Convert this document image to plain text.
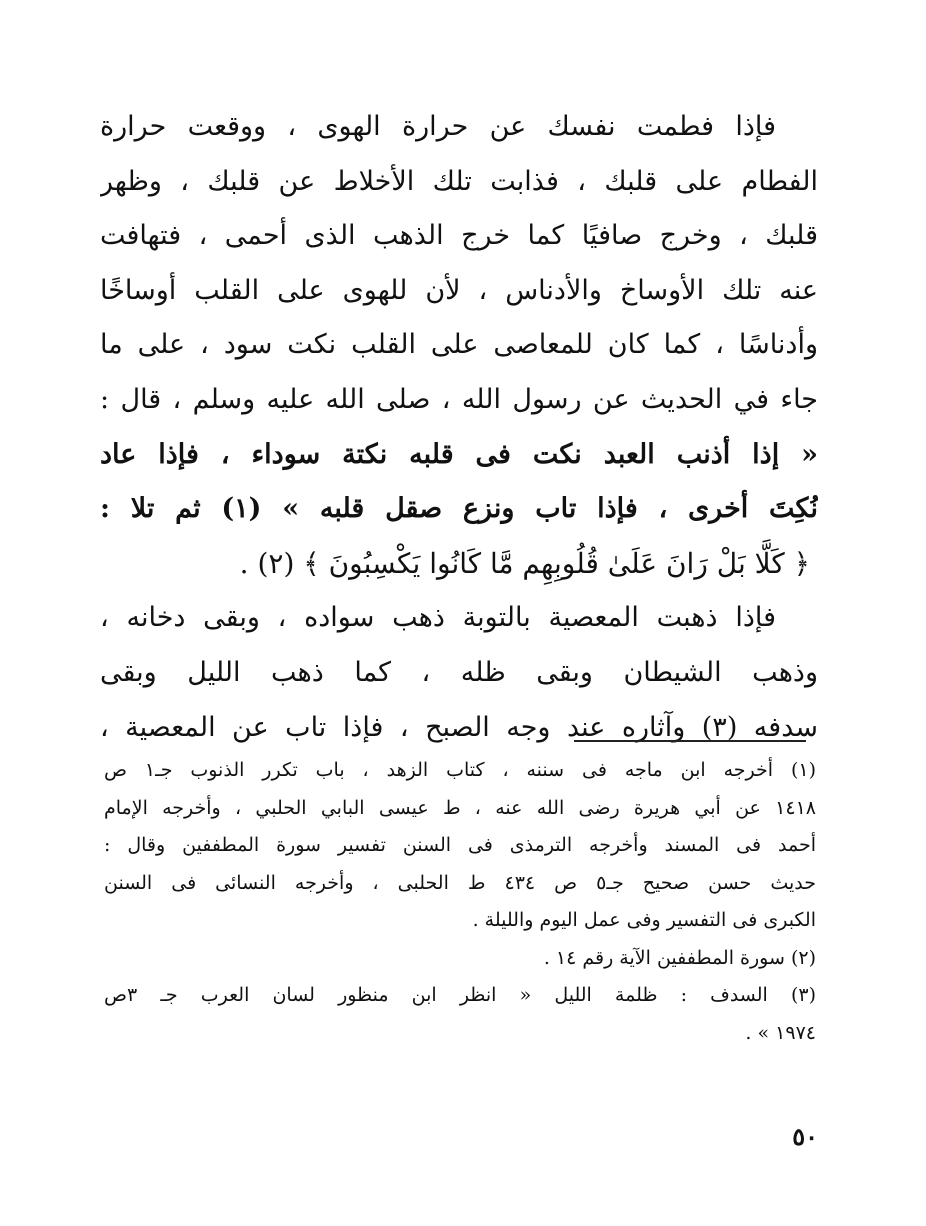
فإذا فطمت نفسك عن حرارة الهوى ، ووقعت حرارة
الفطام على قلبك ، فذابت تلك الأخلاط عن قلبك ، وظهر
قلبك ، وخرج صافيًا كما خرج الذهب الذى أحمى ، فتهافت
عنه تلك الأوساخ والأدناس ، لأن للهوى على القلب أوساخًا
وأدناسًا ، كما كان للمعاصى على القلب نكت سود ، على ما
جاء في الحديث عن رسول الله ، صلى الله عليه وسلم ، قال :
« إذا أذنب العبد نكت فى قلبه نكتة سوداء ، فإذا عاد
نُكِتَ أخرى ، فإذا تاب ونزع صقل قلبه » (١) ثم تلا :
﴿ كَلَّا بَلْ رَانَ عَلَىٰ قُلُوبِهِم مَّا كَانُوا يَكْسِبُونَ ﴾ (٢) .
فإذا ذهبت المعصية بالتوبة ذهب سواده ، وبقى دخانه ،
وذهب الشيطان وبقى ظله ، كما ذهب الليل وبقى
سدفه (٣) وآثاره عند وجه الصبح ، فإذا تاب عن المعصية ،
(١) أخرجه ابن ماجه فى سننه ، كتاب الزهد ، باب تكرر الذنوب جـ١ ص
١٤١٨ عن أبي هريرة رضى الله عنه ، ط عيسى البابي الحلبي ، وأخرجه الإمام
أحمد فى المسند وأخرجه الترمذى فى السنن تفسير سورة المطففين وقال :
حديث حسن صحيح جـ٥ ص ٤٣٤ ط الحلبى ، وأخرجه النسائى فى السنن
الكبرى فى التفسير وفى عمل اليوم والليلة .
(٢) سورة المطففين الآية رقم ١٤ .
(٣) السدف : ظلمة الليل « انظر ابن منظور لسان العرب جـ ٣ص
١٩٧٤ » .
٥٠
